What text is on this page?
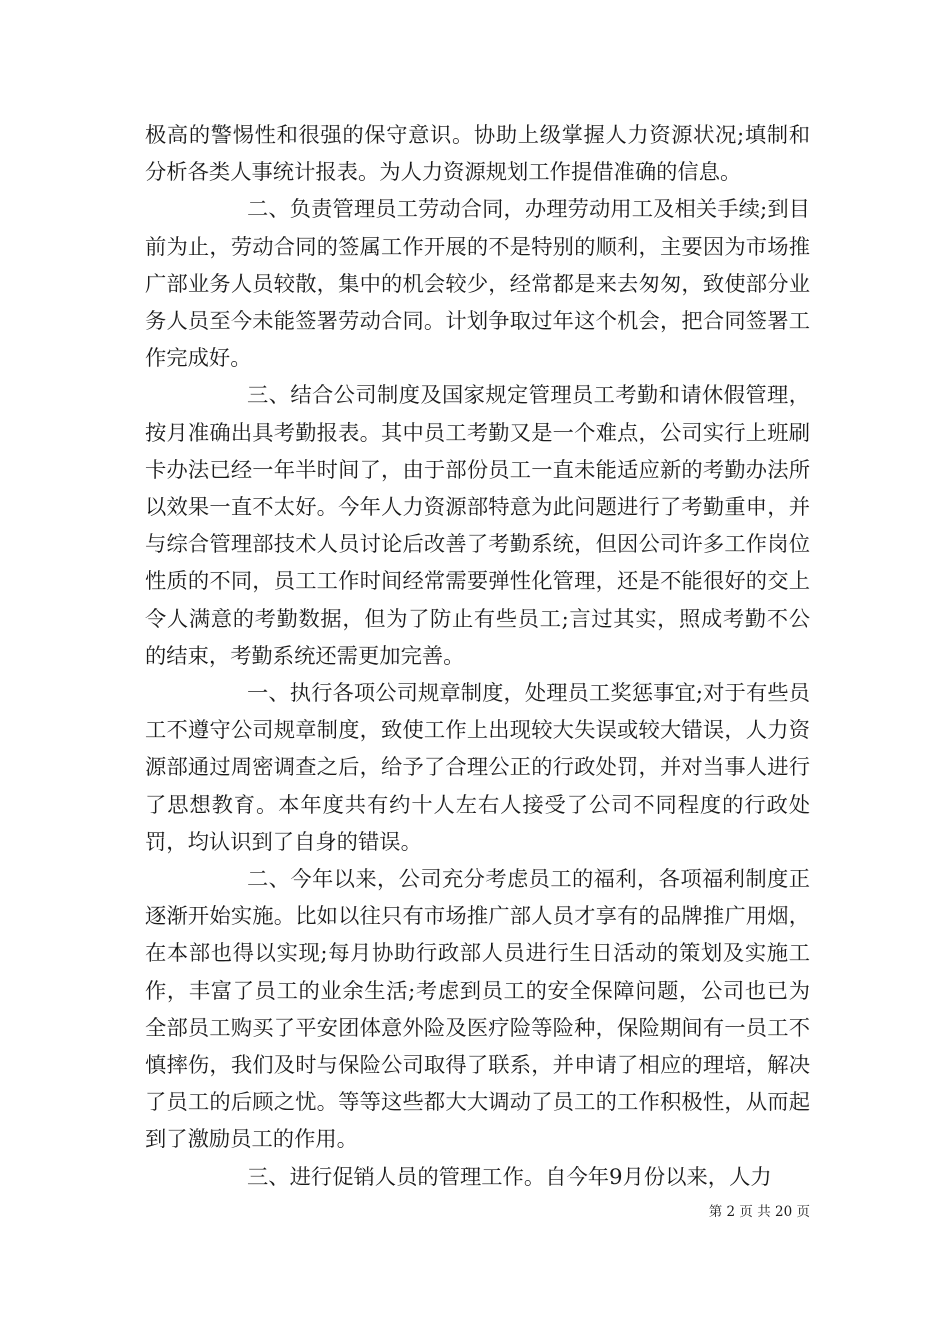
极高的警惕性和很强的保守意识。协助上级掌握人力资源状况;填制和分析各类人事统计报表。为人力资源规划工作提借准确的信息。

二、负责管理员工劳动合同，办理劳动用工及相关手续;到目前为止，劳动合同的签属工作开展的不是特别的顺利，主要因为市场推广部业务人员较散，集中的机会较少，经常都是来去匆匆，致使部分业务人员至今未能签署劳动合同。计划争取过年这个机会，把合同签署工作完成好。

三、结合公司制度及国家规定管理员工考勤和请休假管理，按月准确出具考勤报表。其中员工考勤又是一个难点，公司实行上班刷卡办法已经一年半时间了，由于部份员工一直未能适应新的考勤办法所以效果一直不太好。今年人力资源部特意为此问题进行了考勤重申，并与综合管理部技术人员讨论后改善了考勤系统，但因公司许多工作岗位性质的不同，员工工作时间经常需要弹性化管理，还是不能很好的交上令人满意的考勤数据，但为了防止有些员工;言过其实，照成考勤不公的结束，考勤系统还需更加完善。

一、执行各项公司规章制度，处理员工奖惩事宜;对于有些员工不遵守公司规章制度，致使工作上出现较大失误或较大错误，人力资源部通过周密调查之后，给予了合理公正的行政处罚，并对当事人进行了思想教育。本年度共有约十人左右人接受了公司不同程度的行政处罚，均认识到了自身的错误。

二、今年以来，公司充分考虑员工的福利，各项福利制度正逐渐开始实施。比如以往只有市场推广部人员才享有的品牌推广用烟，在本部也得以实现;每月协助行政部人员进行生日活动的策划及实施工作，丰富了员工的业余生活;考虑到员工的安全保障问题，公司也已为全部员工购买了平安团体意外险及医疗险等险种，保险期间有一员工不慎摔伤，我们及时与保险公司取得了联系，并申请了相应的理培，解决了员工的后顾之忧。等等这些都大大调动了员工的工作积极性，从而起到了激励员工的作用。

三、进行促销人员的管理工作。自今年9月份以来，人力

第 2 页 共 20 页
